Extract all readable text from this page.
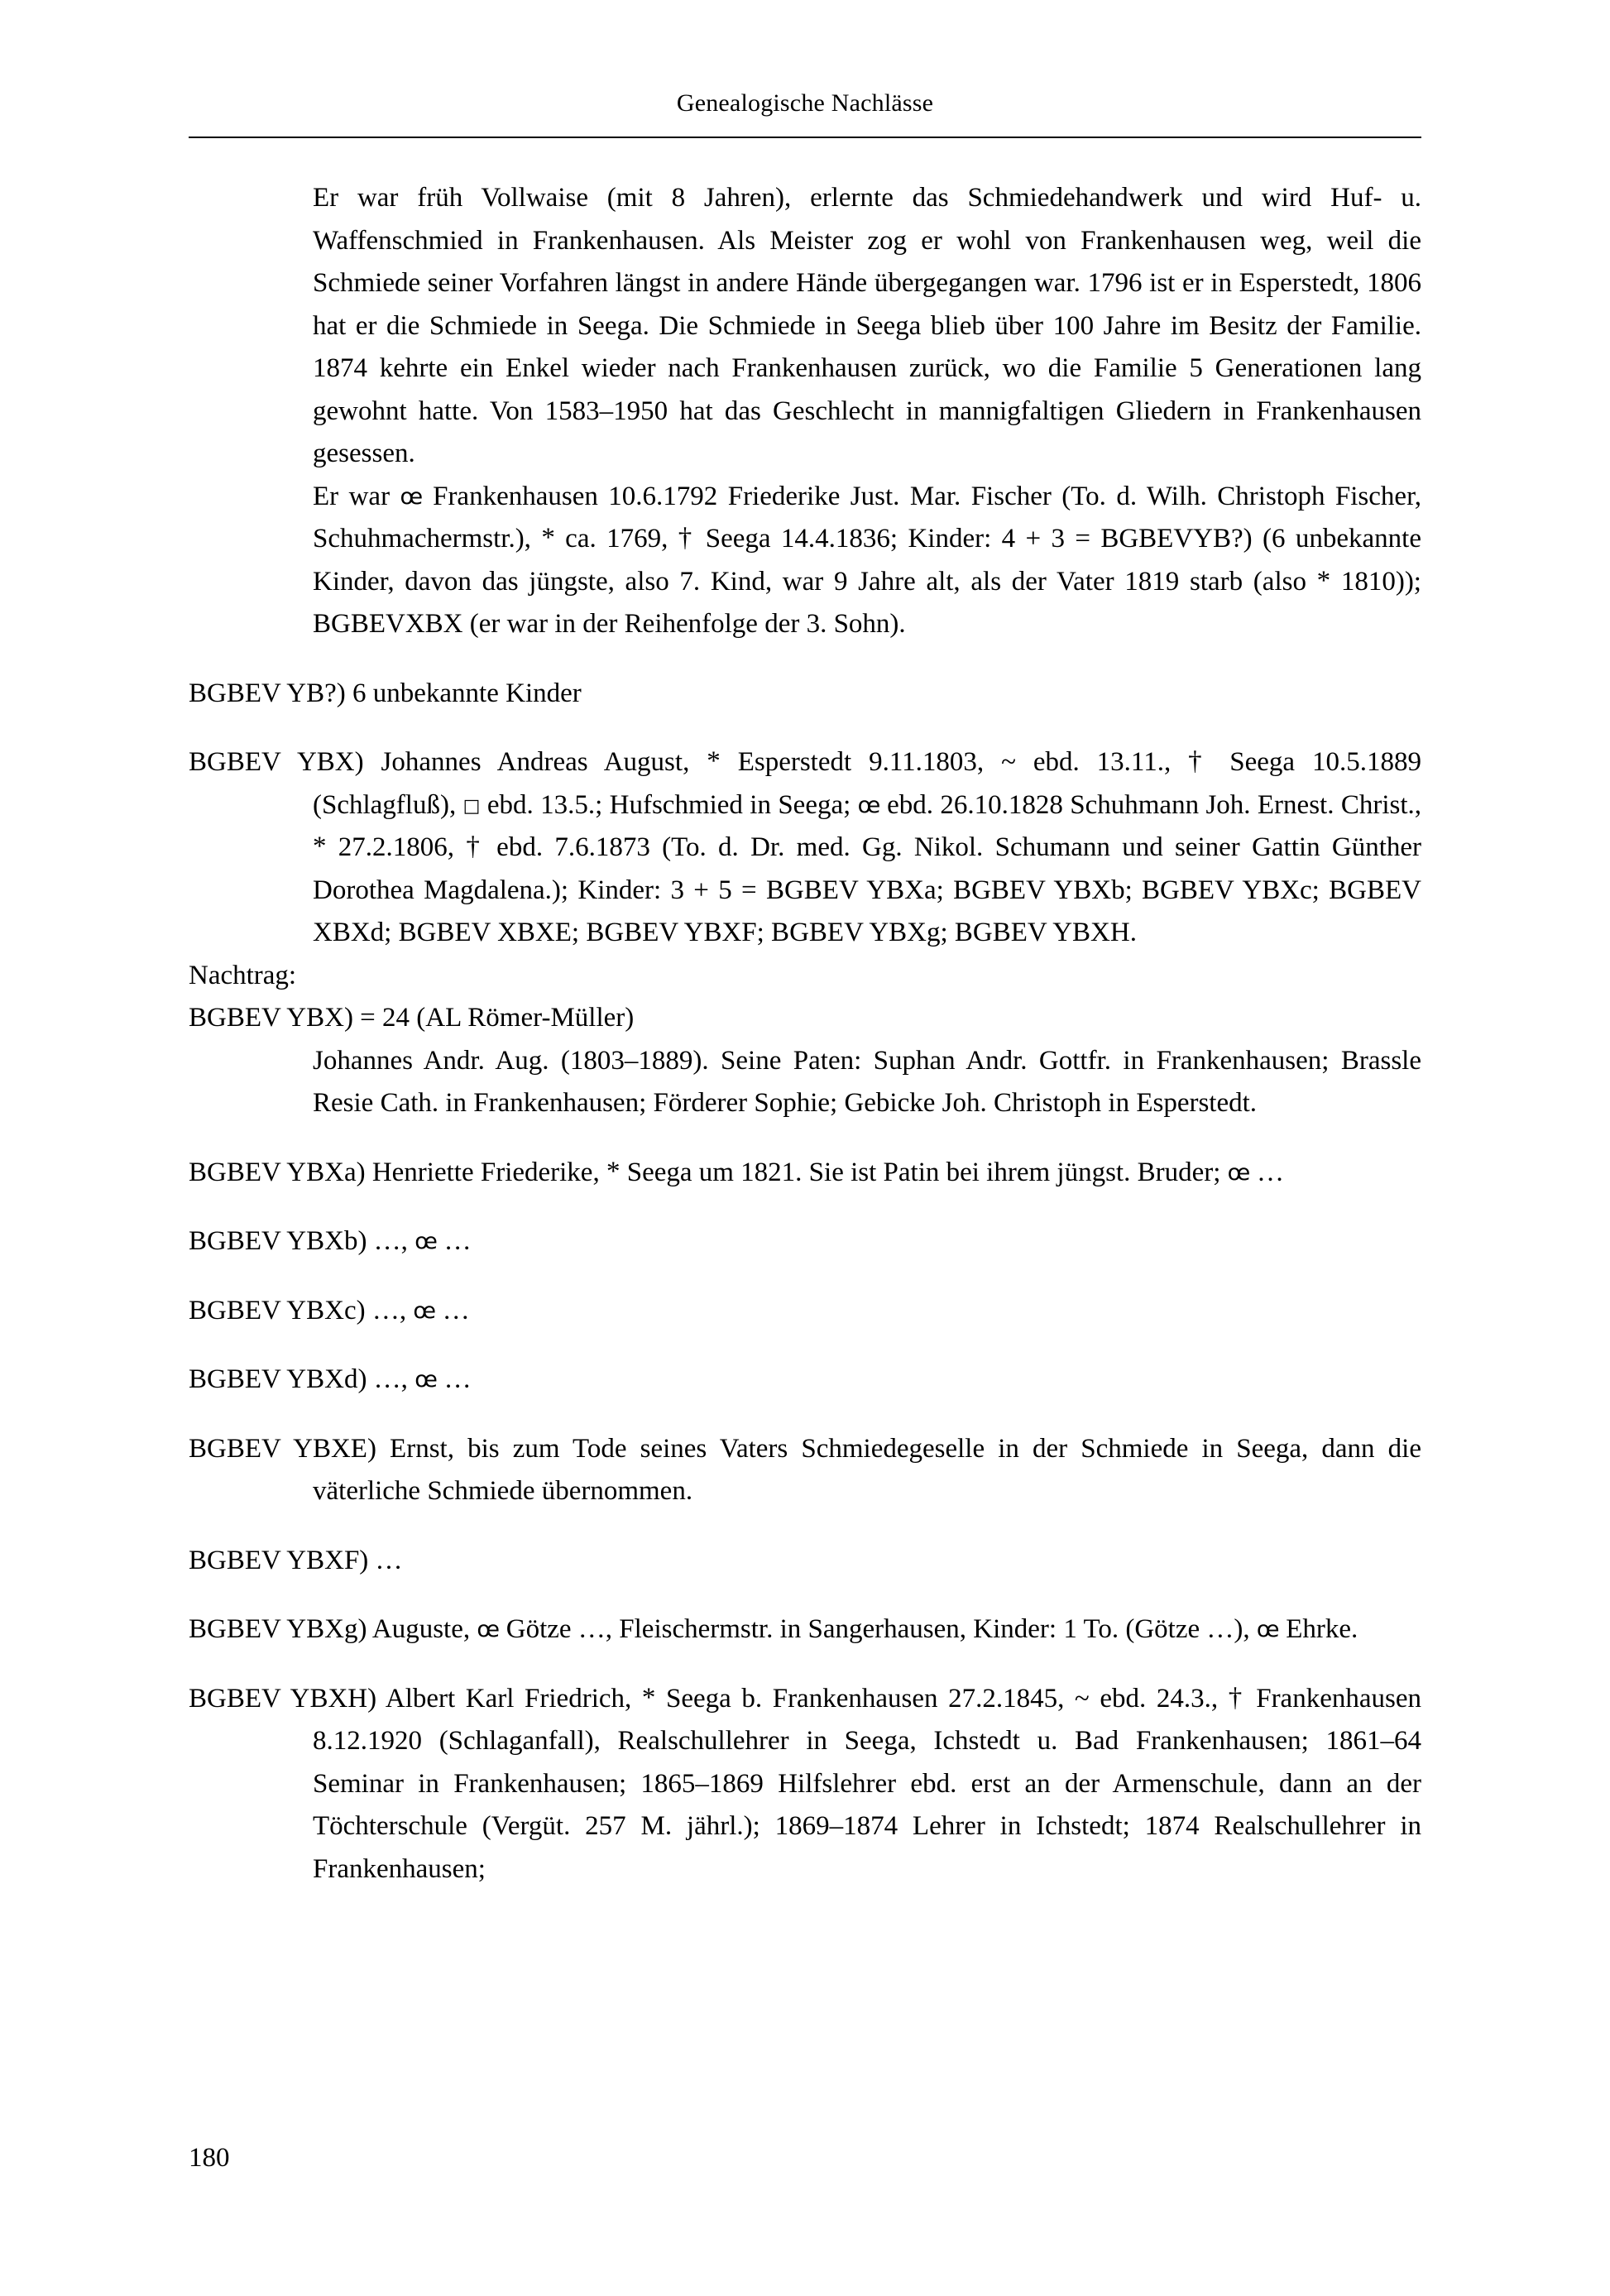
Genealogische Nachlässe

Er war früh Vollwaise (mit 8 Jahren), erlernte das Schmiedehandwerk und wird Huf- u. Waffenschmied in Frankenhausen. Als Meister zog er wohl von Frankenhausen weg, weil die Schmiede seiner Vorfahren längst in andere Hände übergegangen war. 1796 ist er in Esperstedt, 1806 hat er die Schmiede in Seega. Die Schmiede in Seega blieb über 100 Jahre im Besitz der Familie. 1874 kehrte ein Enkel wieder nach Frankenhausen zurück, wo die Familie 5 Generationen lang gewohnt hatte. Von 1583–1950 hat das Geschlecht in mannigfaltigen Gliedern in Frankenhausen gesessen.

Er war œ Frankenhausen 10.6.1792 Friederike Just. Mar. Fischer (To. d. Wilh. Christoph Fischer, Schuhmachermstr.), * ca. 1769, † Seega 14.4.1836; Kinder: 4 + 3 = BGBEVYB?) (6 unbekannte Kinder, davon das jüngste, also 7. Kind, war 9 Jahre alt, als der Vater 1819 starb (also * 1810)); BGBEVXBX (er war in der Reihenfolge der 3. Sohn).

BGBEV YB?) 6 unbekannte Kinder

BGBEV YBX) Johannes Andreas August, * Esperstedt 9.11.1803, ~ ebd. 13.11., † Seega 10.5.1889 (Schlagfluß), □ ebd. 13.5.; Hufschmied in Seega; œ ebd. 26.10.1828 Schuhmann Joh. Ernest. Christ., * 27.2.1806, † ebd. 7.6.1873 (To. d. Dr. med. Gg. Nikol. Schumann und seiner Gattin Günther Dorothea Magdalena.); Kinder: 3 + 5 = BGBEV YBXa; BGBEV YBXb; BGBEV YBXc; BGBEV XBXd; BGBEV XBXE; BGBEV YBXF; BGBEV YBXg; BGBEV YBXH.

Nachtrag:

BGBEV YBX) = 24 (AL Römer-Müller)

Johannes Andr. Aug. (1803–1889). Seine Paten: Suphan Andr. Gottfr. in Frankenhausen; Brassle Resie Cath. in Frankenhausen; Förderer Sophie; Gebicke Joh. Christoph in Esperstedt.

BGBEV YBXa) Henriette Friederike, * Seega um 1821. Sie ist Patin bei ihrem jüngst. Bruder; œ …

BGBEV YBXb) …, œ …

BGBEV YBXc) …, œ …

BGBEV YBXd) …, œ …

BGBEV YBXE) Ernst, bis zum Tode seines Vaters Schmiedegeselle in der Schmiede in Seega, dann die väterliche Schmiede übernommen.

BGBEV YBXF) …

BGBEV YBXg) Auguste, œ Götze …, Fleischermstr. in Sangerhausen, Kinder: 1 To. (Götze …), œ Ehrke.

BGBEV YBXH) Albert Karl Friedrich, * Seega b. Frankenhausen 27.2.1845, ~ ebd. 24.3., † Frankenhausen 8.12.1920 (Schlaganfall), Realschullehrer in Seega, Ichstedt u. Bad Frankenhausen; 1861–64 Seminar in Frankenhausen; 1865–1869 Hilfslehrer ebd. erst an der Armenschule, dann an der Töchterschule (Vergüt. 257 M. jährl.); 1869–1874 Lehrer in Ichstedt; 1874 Realschullehrer in Frankenhausen;

180
